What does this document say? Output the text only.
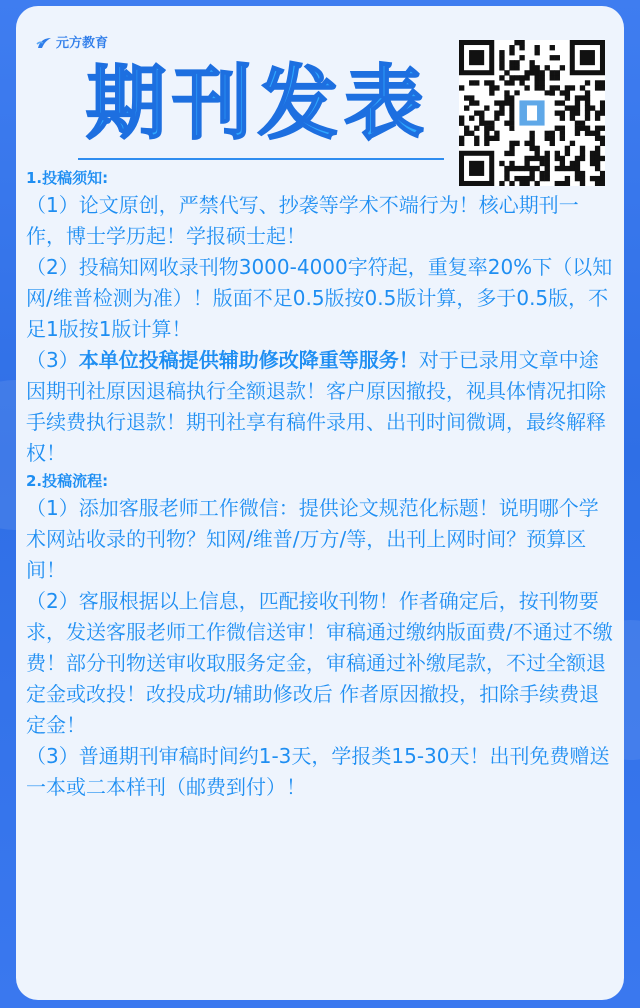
元方教育
期刊发表
1.投稿须知:

（1）论文原创，严禁代写、抄袭等学术不端行为！核心期刊一作，博士学历起！学报硕士起！

（2）投稿知网收录刊物3000-4000字符起，重复率20%下（以知网/维普检测为准）！版面不足0.5版按0.5版计算，多于0.5版，不足1版按1版计算！

（3）本单位投稿提供辅助修改降重等服务！对于已录用文章中途因期刊社原因退稿执行全额退款！客户原因撤投，视具体情况扣除手续费执行退款！期刊社享有稿件录用、出刊时间微调，最终解释权！

2.投稿流程:

（1）添加客服老师工作微信：提供论文规范化标题！说明哪个学术网站收录的刊物？知网/维普/万方/等，出刊上网时间？预算区间！

（2）客服根据以上信息，匹配接收刊物！作者确定后，按刊物要求，发送客服老师工作微信送审！审稿通过缴纳版面费/不通过不缴费！部分刊物送审收取服务定金，审稿通过补缴尾款，不过全额退定金或改投！改投成功/辅助修改后 作者原因撤投，扣除手续费退定金！

（3）普通期刊审稿时间约1-3天，学报类15-30天！出刊免费赠送一本或二本样刊（邮费到付）！
